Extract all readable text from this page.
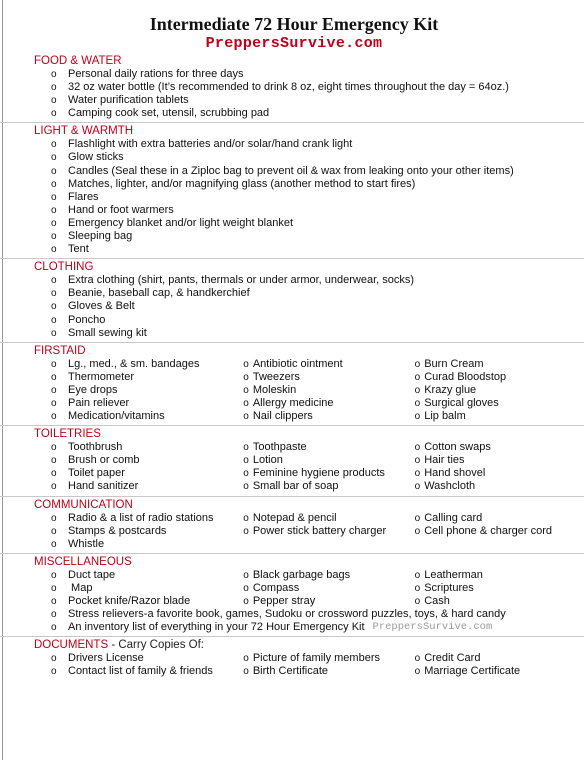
Intermediate 72 Hour Emergency Kit
PreppersSurvive.com
FOOD & WATER
o	Personal daily rations for three days
o	32 oz water bottle (It’s recommended to drink 8 oz, eight times throughout the day = 64oz.)
o	Water purification tablets
o	Camping cook set, utensil, scrubbing pad
LIGHT & WARMTH
o	Flashlight with extra batteries and/or solar/hand crank light
o	Glow sticks
o	Candles (Seal these in a Ziploc bag to prevent oil & wax from leaking onto your other items)
o	Matches, lighter, and/or magnifying glass (another method to start fires)
o	Flares
o	Hand or foot warmers
o	Emergency blanket and/or light weight blanket
o	Sleeping bag
o	Tent
CLOTHING
o	Extra clothing (shirt, pants, thermals or under armor, underwear, socks)
o	Beanie, baseball cap, & handkerchief
o	Gloves & Belt
o	Poncho
o	Small sewing kit
FIRSTAID
o	Lg., med., & sm. bandages	o Antibiotic ointment	o Burn Cream
o	Thermometer	o Tweezers	o Curad Bloodstop
o	Eye drops	o Moleskin	o Krazy glue
o	Pain reliever	o Allergy medicine	o Surgical gloves
o	Medication/vitamins	o Nail clippers	o Lip balm
TOILETRIES
o	Toothbrush	o Toothpaste	o Cotton swaps
o	Brush or comb	o Lotion	o Hair ties
o	Toilet paper	o Feminine hygiene products	o Hand shovel
o	Hand sanitizer	o Small bar of soap	o Washcloth
COMMUNICATION
o	Radio & a list of radio stations	o Notepad & pencil	o Calling card
o	Stamps & postcards	o Power stick battery charger	o Cell phone & charger cord
o	Whistle
MISCELLANEOUS
o	Duct tape	o Black garbage bags	o Leatherman
o	Map	o Compass	o Scriptures
o	Pocket knife/Razor blade	o Pepper stray	o Cash
o	Stress relievers-a favorite book, games, Sudoku or crossword puzzles, toys, & hard candy
o	An inventory list of everything in your 72 Hour Emergency Kit PreppersSurvive.com
DOCUMENTS - Carry Copies Of:
o	Drivers License	o Picture of family members	o Credit Card
o	Contact list of family & friends	o Birth Certificate	o Marriage Certificate
